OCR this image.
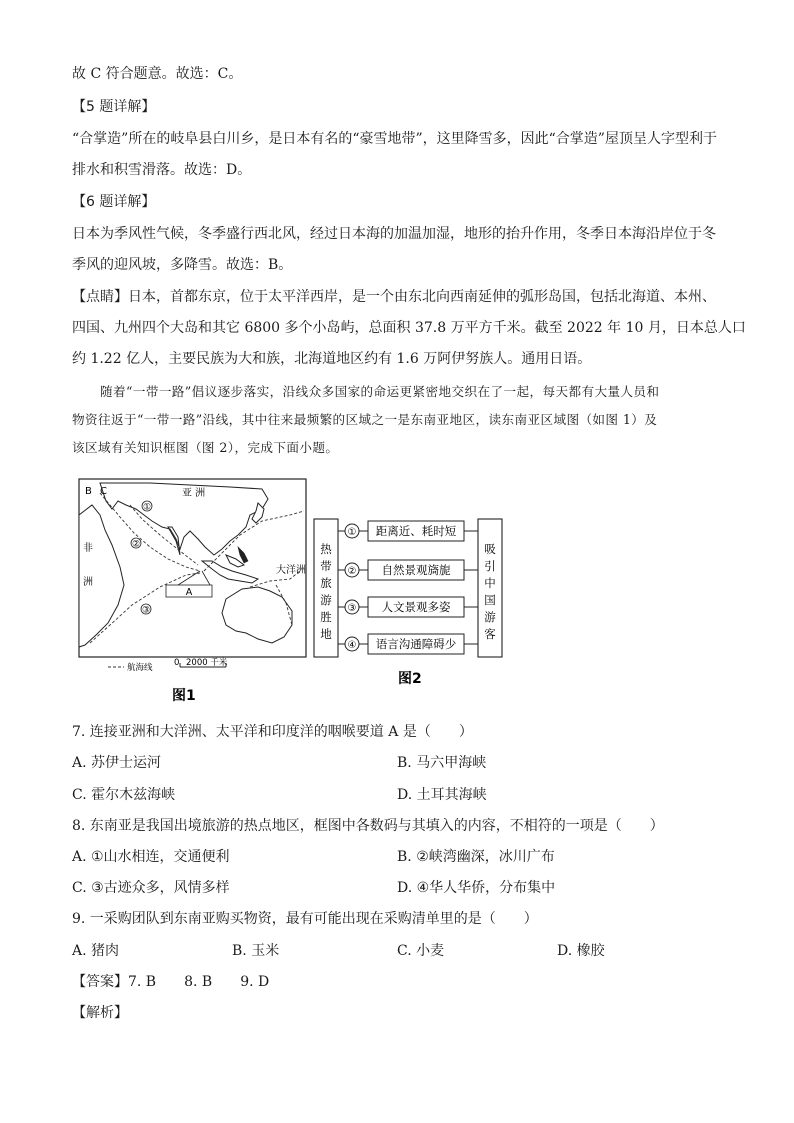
故 C 符合题意。故选：C。
【5 题详解】
“合掌造”所在的岐阜县白川乡，是日本有名的“豪雪地带”，这里降雪多，因此“合掌造”屋顶呈人字型利于
排水和积雪滑落。故选：D。
【6 题详解】
日本为季风性气候，冬季盛行西北风，经过日本海的加温加湿，地形的抬升作用，冬季日本海沿岸位于冬
季风的迎风坡，多降雪。故选：B。
【点睛】日本，首都东京，位于太平洋西岸，是一个由东北向西南延伸的弧形岛国，包括北海道、本州、
四国、九州四个大岛和其它 6800 多个小岛屿，总面积 37.8 万平方千米。截至 2022 年 10 月，日本总人口
约 1.22 亿人，主要民族为大和族，北海道地区约有 1.6 万阿伊努族人。通用日语。
随着“一带一路”倡议逐步落实，沿线众多国家的命运更紧密地交织在了一起，每天都有大量人员和
物资往返于“一带一路”沿线，其中往来最频繁的区域之一是东南亚地区，读东南亚区域图（如图 1）及
该区域有关知识框图（图 2），完成下面小题。
①
②
③
B C	亚 洲
非
洲
大洋洲
A
航海线	0 2000 千米
图1
热
带
旅
游
胜
地
吸
引
中
国
游
客
① 距离近、耗时短
② 自然景观旖旎
③ 人文景观多姿
④ 语言沟通障碍少
图2
7. 连接亚洲和大洋洲、太平洋和印度洋的咽喉要道 A 是（　　）
A. 苏伊士运河	B. 马六甲海峡
C. 霍尔木兹海峡	D. 土耳其海峡
8. 东南亚是我国出境旅游的热点地区，框图中各数码与其填入的内容，不相符的一项是（　　）
A. ①山水相连，交通便利	B. ②峡湾幽深，冰川广布
C. ③古迹众多，风情多样	D. ④华人华侨，分布集中
9. 一采购团队到东南亚购买物资，最有可能出现在采购清单里的是（　　）
A. 猪肉	B. 玉米	C. 小麦	D. 橡胶
【答案】7. B　　8. B　　9. D
【解析】
